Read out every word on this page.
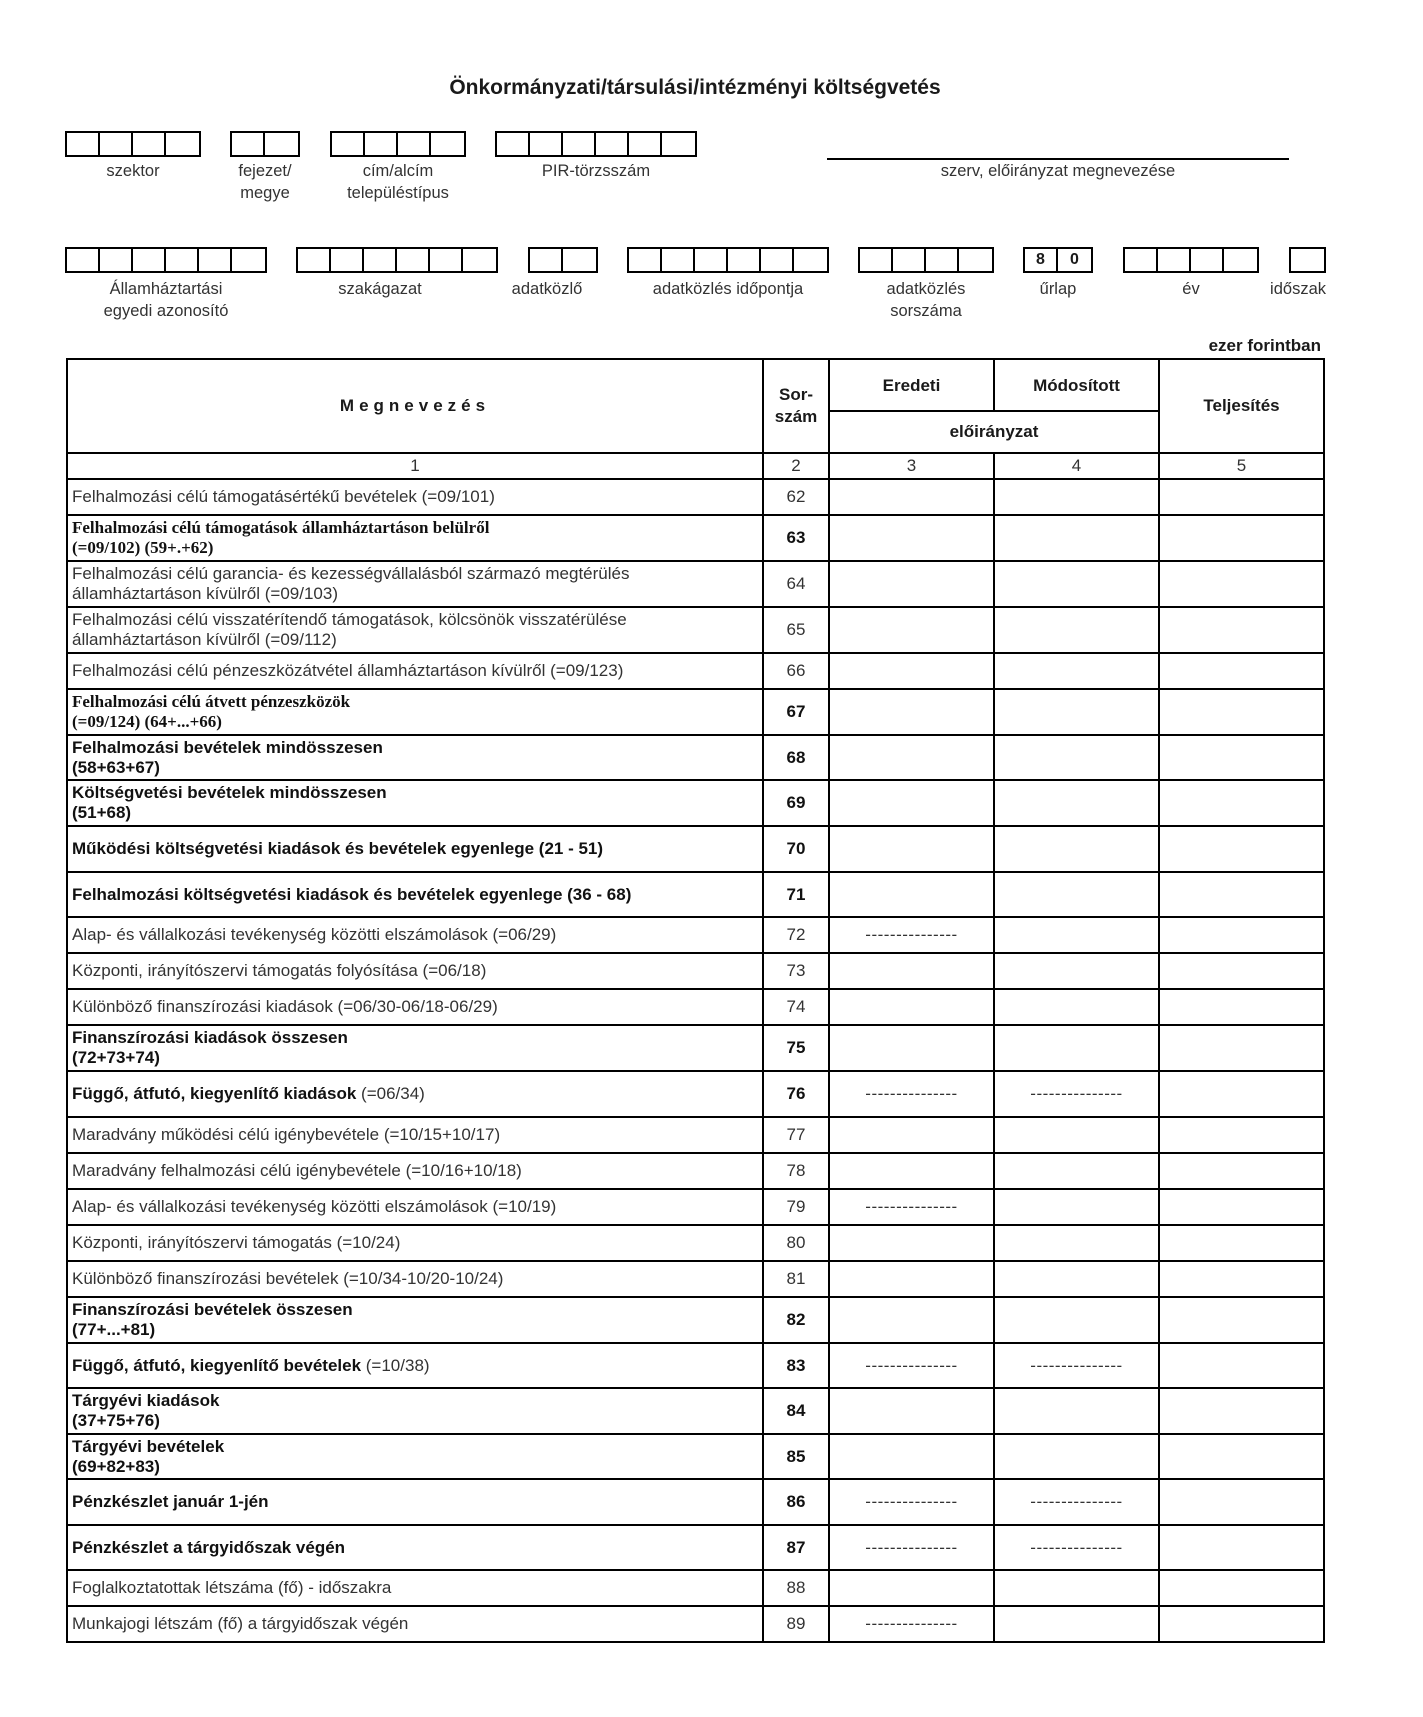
Önkormányzati/társulási/intézményi költségvetés
szektor	fejezet/
megye
cím/alcím
településtípus
PIR-törzsszám	szerv, előirányzat megnevezése
Államháztartási
egyedi azonosító
szakágazat	adatközlő	adatközlés időpontja	adatközlés
sorszáma
8	0
űrlap	év	időszak
ezer forintban
Megnevezés	Sor-
szám	Eredeti	Módosított	Teljesítés
		előirányzat		
1	2	3	4	5
Felhalmozási célú támogatásértékű bevételek (=09/101)	62			
Felhalmozási célú támogatások államháztartáson belülről
(=09/102) (59+.+62)	63			
Felhalmozási célú garancia- és kezességvállalásból származó megtérülés
államháztartáson kívülről (=09/103)	64			
Felhalmozási célú visszatérítendő támogatások, kölcsönök visszatérülése
államháztartáson kívülről (=09/112)	65			
Felhalmozási célú pénzeszközátvétel államháztartáson kívülről (=09/123)	66			
Felhalmozási célú átvett pénzeszközök
(=09/124) (64+...+66)	67			
Felhalmozási bevételek mindösszesen
(58+63+67)	68			
Költségvetési bevételek mindösszesen
(51+68)	69			
Működési költségvetési kiadások és bevételek egyenlege (21 - 51)	70			
Felhalmozási költségvetési kiadások és bevételek egyenlege (36 - 68)	71			
Alap- és vállalkozási tevékenység közötti elszámolások (=06/29)	72	---------------		
Központi, irányítószervi támogatás folyósítása (=06/18)	73			
Különböző finanszírozási kiadások (=06/30-06/18-06/29)	74			
Finanszírozási kiadások összesen
(72+73+74)	75			
Függő, átfutó, kiegyenlítő kiadások (=06/34)	76	---------------	---------------	
Maradvány működési célú igénybevétele (=10/15+10/17)	77			
Maradvány felhalmozási célú igénybevétele (=10/16+10/18)	78			
Alap- és vállalkozási tevékenység közötti elszámolások (=10/19)	79	---------------		
Központi, irányítószervi támogatás (=10/24)	80			
Különböző finanszírozási bevételek (=10/34-10/20-10/24)	81			
Finanszírozási bevételek összesen
(77+...+81)	82			
Függő, átfutó, kiegyenlítő bevételek (=10/38)	83	---------------	---------------	
Tárgyévi kiadások
(37+75+76)	84			
Tárgyévi bevételek
(69+82+83)	85			
Pénzkészlet január 1-jén	86	---------------	---------------	
Pénzkészlet a tárgyidőszak végén	87	---------------	---------------	
Foglalkoztatottak létszáma (fő) - időszakra	88			
Munkajogi létszám (fő) a tárgyidőszak végén	89	---------------		
